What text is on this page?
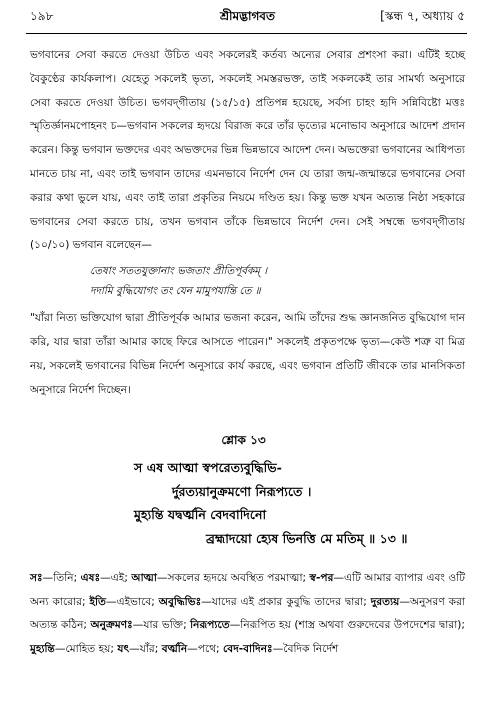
১৯৮	শ্রীমদ্ভাগবত	[স্কন্ধ ৭, অধ্যায় ৫

ভগবানের সেবা করতে দেওয়া উচিত এবং সকলেরই কর্তব্য অন্যের সেবার প্রশংসা করা। এটিই হচ্ছে বৈকুণ্ঠের কার্যকলাপ। যেহেতু সকলেই ভৃত্য, সকলেই সমস্তরভক্ত, তাই সকলকেই তার সামর্থ্য অনুসারে সেবা করতে দেওয়া উচিত। ভগবদ্‌গীতায় (১৫/১৫) প্রতিপন্ন হয়েছে, সর্বস্য চাহং হৃদি সন্নিবিষ্টো মত্তঃ স্মৃতির্জ্ঞানমপোহনং চ—ভগবান সকলের হৃদয়ে বিরাজ করে তাঁর ভৃত্যের মনোভাব অনুসারে আদেশ প্রদান করেন। কিন্তু ভগবান ভক্তদের এবং অভক্তদের ভিন্ন ভিন্নভাবে আদেশ দেন। অভক্তেরা ভগবানের আধিপত্য মানতে চায় না, এবং তাই ভগবান তাদের এমনভাবে নির্দেশ দেন যে তারা জন্ম-জন্মান্তরে ভগবানের সেবা করার কথা ভুলে যায়, এবং তাই তারা প্রকৃতির নিয়মে দণ্ডিত হয়। কিন্তু ভক্ত যখন অত্যন্ত নিষ্ঠা সহকারে ভগবানের সেবা করতে চায়, তখন ভগবান তাঁকে ভিন্নভাবে নির্দেশ দেন। সেই সম্বন্ধে ভগবদ্‌গীতায় (১০/১০) ভগবান বলেছেন—

তেষাং সততযুক্তানাং ভজতাং প্রীতিপূর্বকম্ ।
দদামি বুদ্ধিযোগং তং যেন মামুপযান্তি তে ॥

"যাঁরা নিত্য ভক্তিযোগ দ্বারা প্রীতিপূর্বক আমার ভজনা করেন, আমি তাঁদের শুদ্ধ জ্ঞানজনিত বুদ্ধিযোগ দান করি, যার দ্বারা তাঁরা আমার কাছে ফিরে আসতে পারেন।" সকলেই প্রকৃতপক্ষে ভৃত্য—কেউ শত্রু বা মিত্র নয়, সকলেই ভগবানের বিভিন্ন নির্দেশ অনুসারে কার্য করছে, এবং ভগবান প্রতিটি জীবকে তার মানসিকতা অনুসারে নির্দেশ দিচ্ছেন।

শ্লোক ১৩
স এষ আত্মা স্বপরেত্যবুদ্ধিভি-
র্দুরত্যয়ানুক্রমণো নিরূপ্যতে ।
মুহ্যন্তি যদ্বর্ত্মনি বেদবাদিনো
ব্রহ্মাদয়ো হ্যেষ ভিনত্তি মে মতিম্ ॥ ১৩ ॥
সঃ—তিনি; এষঃ—এই; আত্মা—সকলের হৃদয়ে অবস্থিত পরমাত্মা; স্ব-পর—এটি আমার ব্যাপার এবং ওটি অন্য কারোর; ইতি—এইভাবে; অবুদ্ধিভিঃ—যাদের এই প্রকার কুবুদ্ধি তাদের দ্বারা; দুরত্যয়—অনুসরণ করা অত্যন্ত কঠিন; অনুক্রমণঃ—যার ভক্তি; নিরূপ্যতে—নিরূপিত হয় (শাস্ত্র অথবা গুরুদেবের উপদেশের দ্বারা); মুহ্যন্তি—মোহিত হয়; যৎ—যাঁর; বর্ত্মনি—পথে; বেদ-বাদিনঃ—বৈদিক নির্দেশ
